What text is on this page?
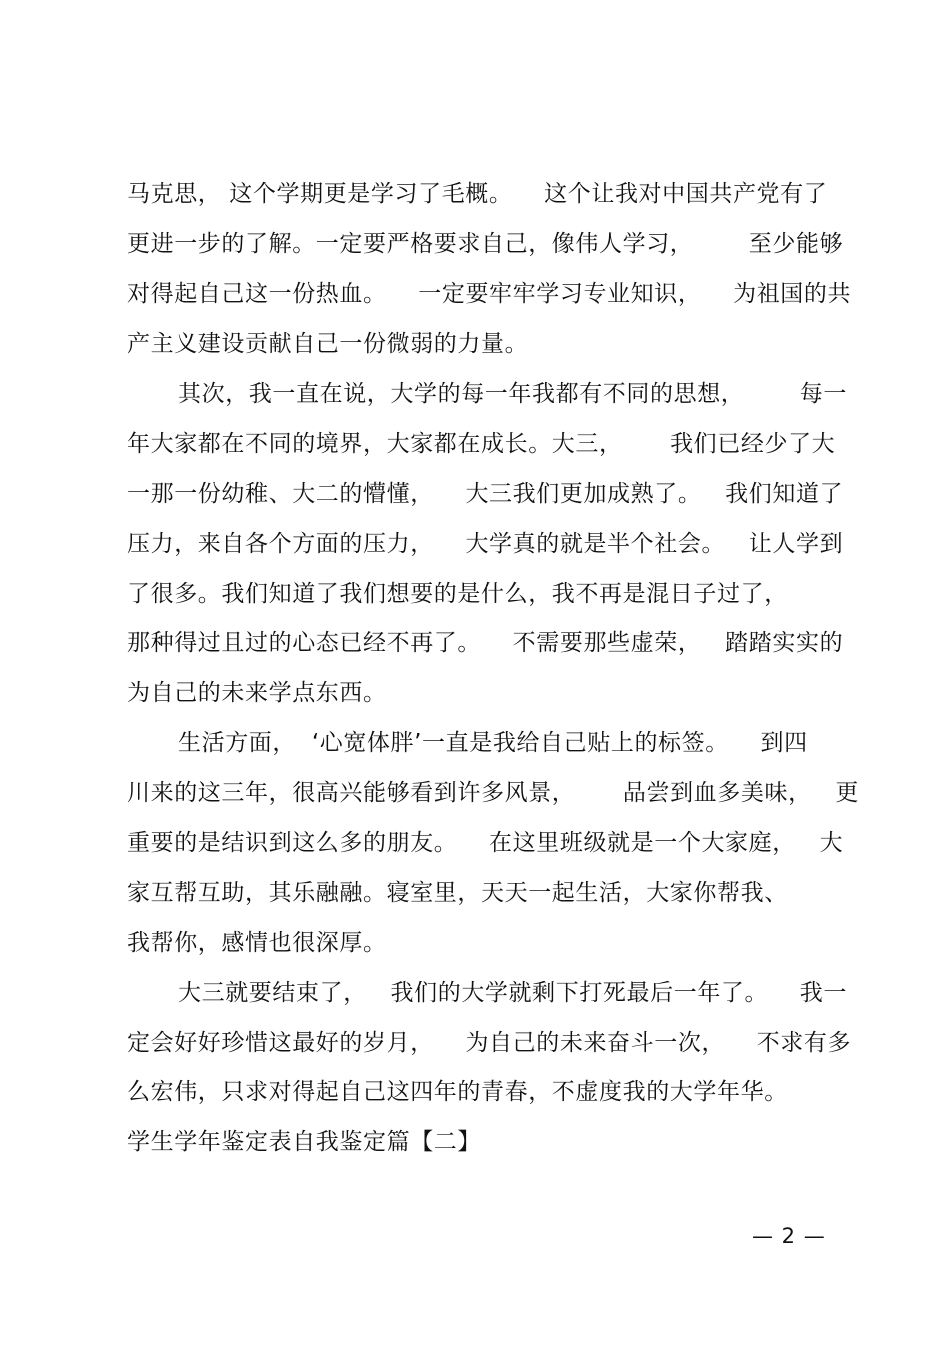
马克思， 这个学期更是学习了毛概。    这个让我对中国共产党有了
更进一步的了解。一定要严格要求自己，像伟人学习，       至少能够
对得起自己这一份热血。    一定要牢牢学习专业知识，    为祖国的共
产主义建设贡献自己一份微弱的力量。
其次，我一直在说，大学的每一年我都有不同的思想，       每一
年大家都在不同的境界，大家都在成长。大三，      我们已经少了大
一那一份幼稚、大二的懵懂，    大三我们更加成熟了。   我们知道了
压力，来自各个方面的压力，    大学真的就是半个社会。   让人学到
了很多。我们知道了我们想要的是什么，我不再是混日子过了，
那种得过且过的心态已经不再了。    不需要那些虚荣，   踏踏实实的
为自己的未来学点东西。
生活方面，  ‘心宽体胖’一直是我给自己贴上的标签。    到四
川来的这三年，很高兴能够看到许多风景，      品尝到血多美味，   更
重要的是结识到这么多的朋友。    在这里班级就是一个大家庭，   大
家互帮互助，其乐融融。寝室里，天天一起生活，大家你帮我、
我帮你，感情也很深厚。
大三就要结束了，   我们的大学就剩下打死最后一年了。    我一
定会好好珍惜这最好的岁月，    为自己的未来奋斗一次，    不求有多
么宏伟，只求对得起自己这四年的青春，不虚度我的大学年华。
学生学年鉴定表自我鉴定篇【二】
— 2 —
